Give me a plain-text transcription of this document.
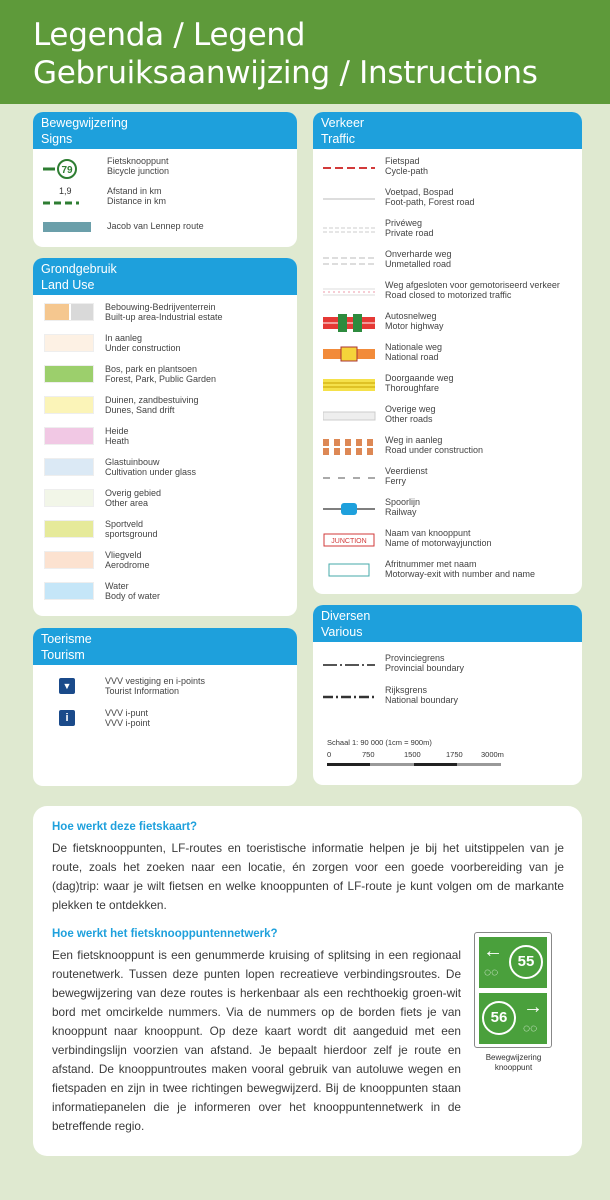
Legenda / Legend
Gebruiksaanwijzing / Instructions
Bewegwijzering
Signs
79
Fietsknooppunt
Bicycle junction
1,9	Afstand in km
Distance in km
Jacob van Lennep route
Grondgebruik
Land Use
Bebouwing-Bedrijventerrein
Built-up area-Industrial estate
In aanleg
Under construction
Bos, park en plantsoen
Forest, Park, Public Garden
Duinen, zandbestuiving
Dunes, Sand drift
Heide
Heath
Glastuinbouw
Cultivation under glass
Overig gebied
Other area
Sportveld
sportsground
Vliegveld
Aerodrome
Water
Body of water
Toerisme
Tourism
▼	VVV vestiging en i-points
Tourist Information
i	VVV i-punt
VVV i-point
Verkeer
Traffic
Fietspad
Cycle-path
Voetpad, Bospad
Foot-path, Forest road
Privéweg
Private road
Onverharde weg
Unmetalled road
Weg afgesloten voor gemotoriseerd verkeer
Road closed to motorized traffic
Autosnelweg
Motor highway
Nationale weg
National road
Doorgaande weg
Thoroughfare
Overige weg
Other roads
Weg in aanleg
Road under construction
Veerdienst
Ferry
Spoorlijn
Railway
JUNCTION
Naam van knooppunt
Name of motorwayjunction
Afritnummer met naam
Motorway-exit with number and name
Diversen
Various
Provinciegrens
Provincial boundary
Rijksgrens
National boundary
Schaal 1: 90 000 (1cm = 900m)
0	750	1500	1750 3000m
Hoe werkt deze fietskaart?
De fietsknooppunten, LF-routes en toeristische informatie helpen je bij het uitstippelen van je route, zoals het zoeken naar een locatie, én zorgen voor een goede voorbereiding van je (dag)trip: waar je wilt fietsen en welke knooppunten of LF-route je kunt volgen om de markante plekken te ontdekken.
Hoe werkt het fietsknooppuntennetwerk?
Een fietsknooppunt is een genummerde kruising of splitsing in een regionaal routenetwerk. Tussen deze punten lopen recreatieve verbindingsroutes. De bewegwijzering van deze routes is herkenbaar als een rechthoekig groen-wit bord met omcirkelde nummers. Via de nummers op de borden fiets je van knooppunt naar knooppunt. Op deze kaart wordt dit aangeduid met een verbindingslijn voorzien van afstand. Je bepaalt hierdoor zelf je route en afstand. De knooppuntroutes maken vooral gebruik van autoluwe wegen en fietspaden en zijn in twee richtingen bewegwijzerd. Bij de knooppunten staan informatiepanelen die je informeren over het knooppuntennetwerk in de betreffende regio.
←
◌◌
55
56 →
◌◌
Bewegwijzering knooppunt
